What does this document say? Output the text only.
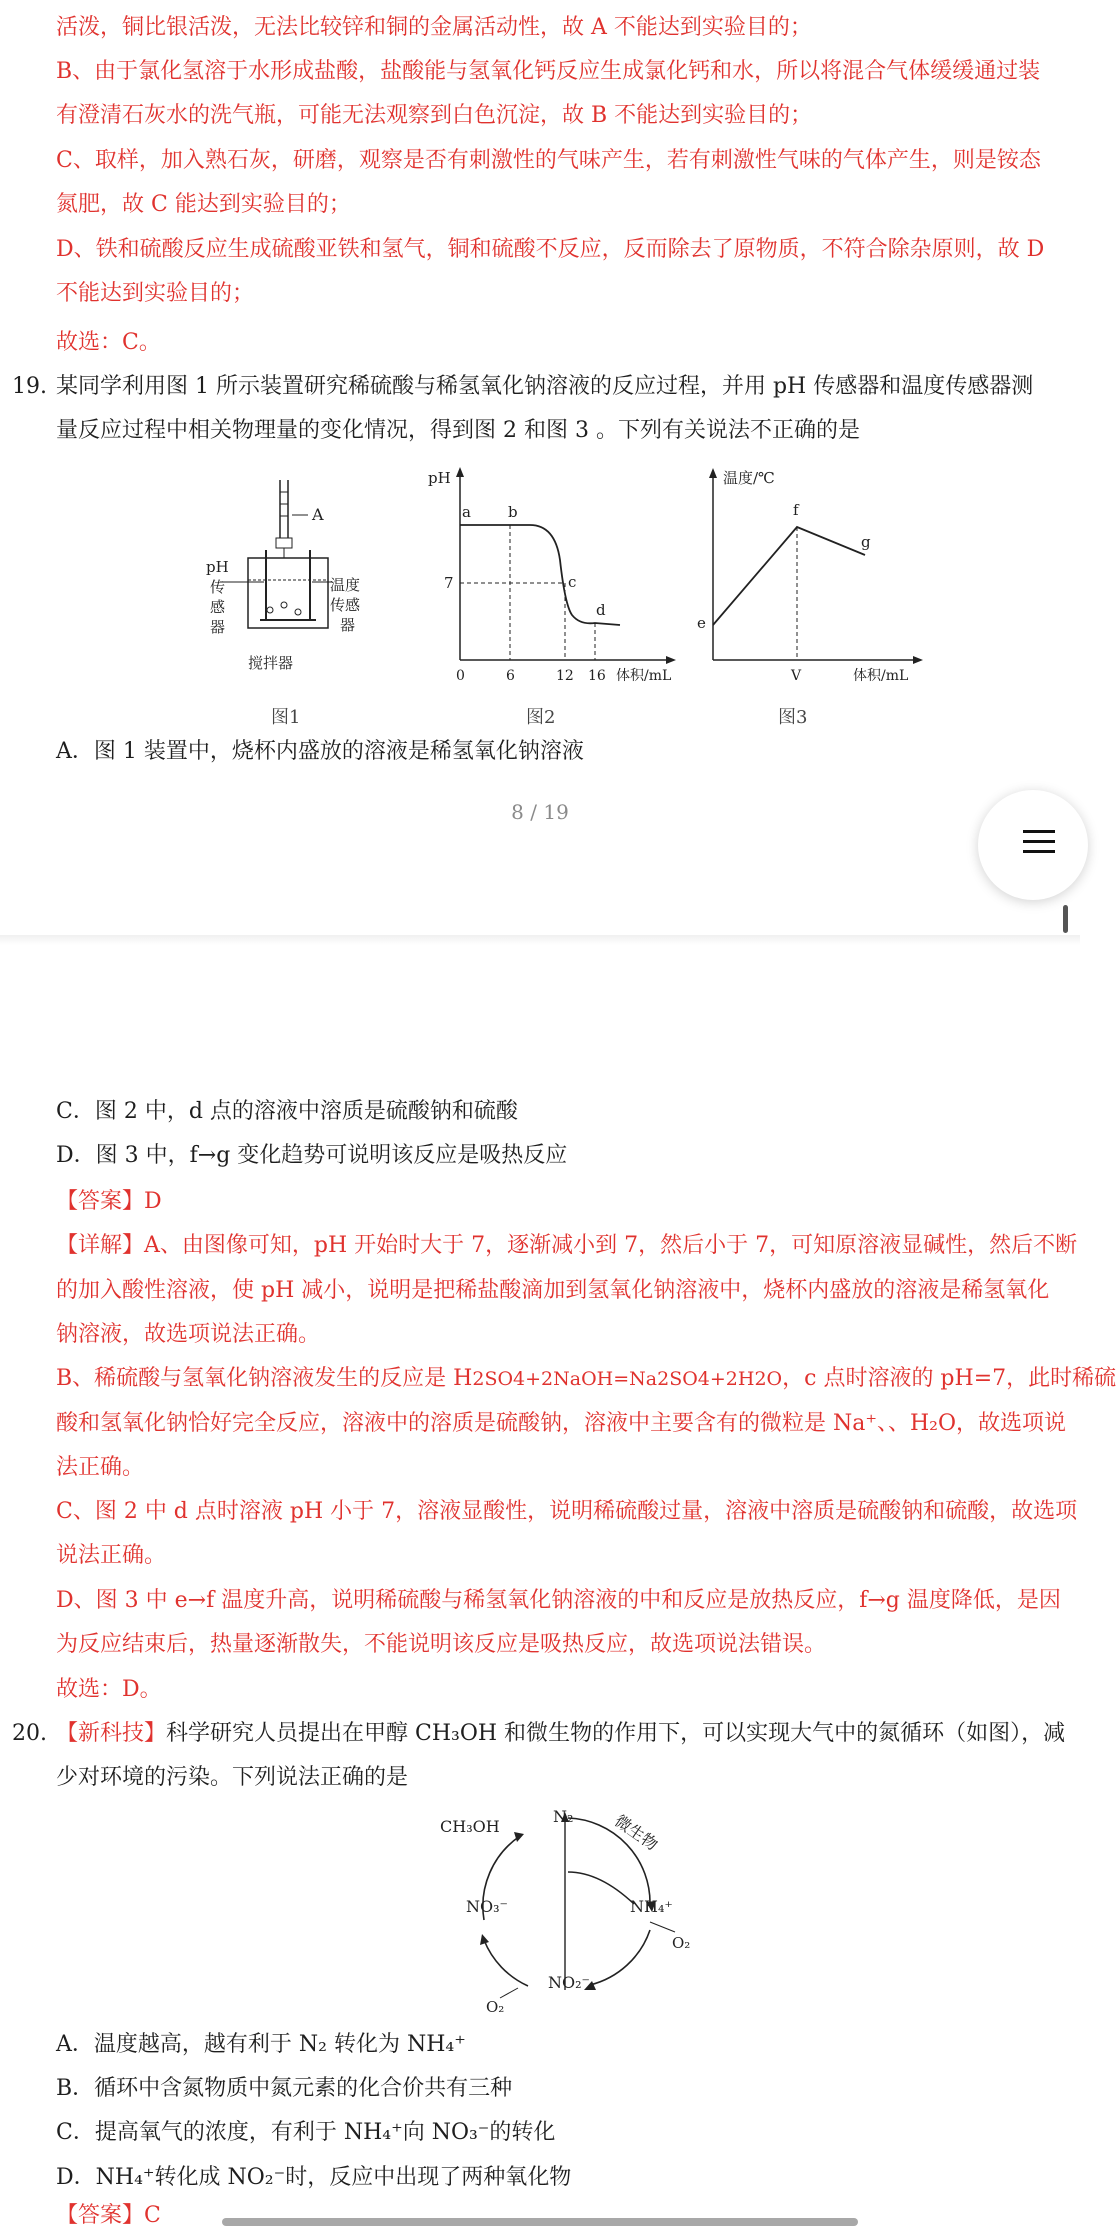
活泼，铜比银活泼，无法比较锌和铜的金属活动性，故 A 不能达到实验目的；
B、由于氯化氢溶于水形成盐酸，盐酸能与氢氧化钙反应生成氯化钙和水，所以将混合气体缓缓通过装
有澄清石灰水的洗气瓶，可能无法观察到白色沉淀，故 B 不能达到实验目的；
C、取样，加入熟石灰，研磨，观察是否有刺激性的气味产生，若有刺激性气味的气体产生，则是铵态
氮肥，故 C 能达到实验目的；
D、铁和硫酸反应生成硫酸亚铁和氢气，铜和硫酸不反应，反而除去了原物质，不符合除杂原则，故 D
不能达到实验目的；
故选：C。
19. 某同学利用图 1 所示装置研究稀硫酸与稀氢氧化钠溶液的反应过程，并用 pH 传感器和温度传感器测
量反应过程中相关物理量的变化情况，得到图 2 和图 3 。下列有关说法不正确的是
A
pH
传
感
器
温度
传感
器
搅拌器
图1
pH
a b
c
d
7
0	6	12 16 体积/mL
图2
温度/℃
e
f
g
V	体积/mL
图3
A．图 1 装置中，烧杯内盛放的溶液是稀氢氧化钠溶液
8 / 19
C．图 2 中，d 点的溶液中溶质是硫酸钠和硫酸
D．图 3 中，f→g 变化趋势可说明该反应是吸热反应
【答案】D
【详解】A、由图像可知，pH 开始时大于 7，逐渐减小到 7，然后小于 7，可知原溶液显碱性，然后不断
的加入酸性溶液，使 pH 减小，说明是把稀盐酸滴加到氢氧化钠溶液中，烧杯内盛放的溶液是稀氢氧化
钠溶液，故选项说法正确。
B、稀硫酸与氢氧化钠溶液发生的反应是 H2SO4+2NaOH=Na2SO4+2H2O，c 点时溶液的 pH=7，此时稀硫
酸和氢氧化钠恰好完全反应，溶液中的溶质是硫酸钠，溶液中主要含有的微粒是 Na⁺、、H₂O，故选项说
法正确。
C、图 2 中 d 点时溶液 pH 小于 7，溶液显酸性，说明稀硫酸过量，溶液中溶质是硫酸钠和硫酸，故选项
说法正确。
D、图 3 中 e→f 温度升高，说明稀硫酸与稀氢氧化钠溶液的中和反应是放热反应，f→g 温度降低，是因
为反应结束后，热量逐渐散失，不能说明该反应是吸热反应，故选项说法错误。
故选：D。
20. 【新科技】科学研究人员提出在甲醇 CH₃OH 和微生物的作用下，可以实现大气中的氮循环（如图），减
少对环境的污染。下列说法正确的是
CH₃OH
N₂ 微生物
NO₃⁻	NH₄⁺
O₂
NO₂⁻
O₂
A．温度越高，越有利于 N₂ 转化为 NH₄⁺
B．循环中含氮物质中氮元素的化合价共有三种
C．提高氧气的浓度，有利于 NH₄⁺向 NO₃⁻的转化
D．NH₄⁺转化成 NO₂⁻时，反应中出现了两种氧化物
【答案】C
